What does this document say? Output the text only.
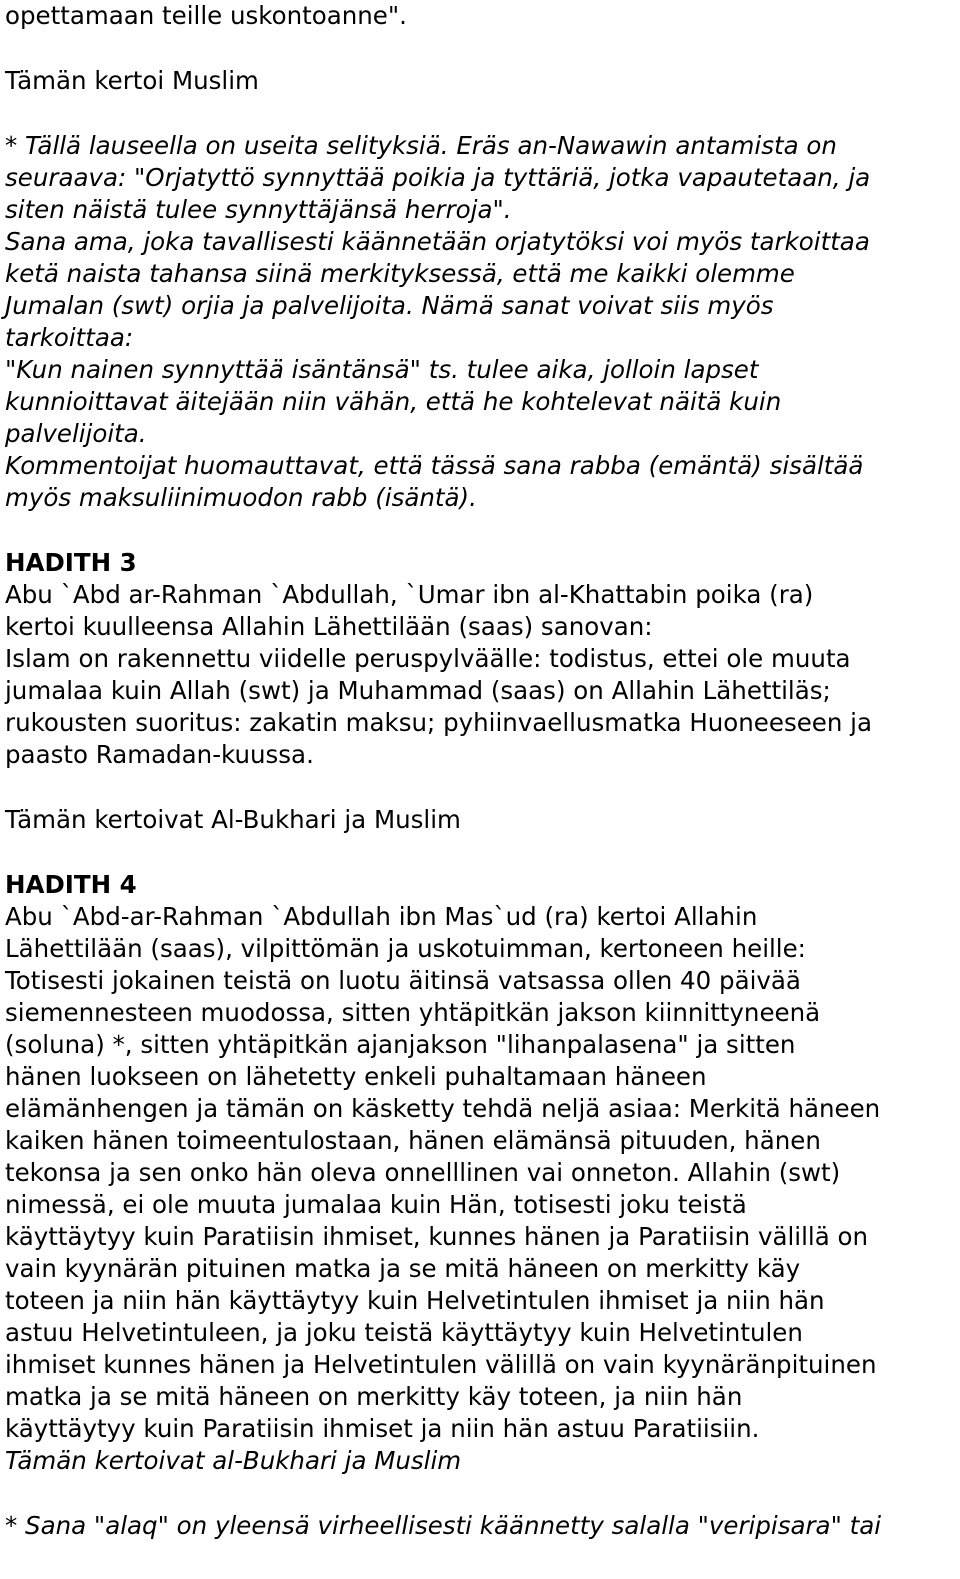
opettamaan teille uskontoanne".
Tämän kertoi Muslim
* Tällä lauseella on useita selityksiä. Eräs an-Nawawin antamista on
seuraava: "Orjatyttö synnyttää poikia ja tyttäriä, jotka vapautetaan, ja
siten näistä tulee synnyttäjänsä herroja".
Sana ama, joka tavallisesti käännetään orjatytöksi voi myös tarkoittaa
ketä naista tahansa siinä merkityksessä, että me kaikki olemme
Jumalan (swt) orjia ja palvelijoita. Nämä sanat voivat siis myös
tarkoittaa:
"Kun nainen synnyttää isäntänsä" ts. tulee aika, jolloin lapset
kunnioittavat äitejään niin vähän, että he kohtelevat näitä kuin
palvelijoita.
Kommentoijat huomauttavat, että tässä sana rabba (emäntä) sisältää
myös maksuliinimuodon rabb (isäntä).
HADITH 3
Abu `Abd ar-Rahman `Abdullah, `Umar ibn al-Khattabin poika (ra)
kertoi kuulleensa Allahin Lähettilään (saas) sanovan:
Islam on rakennettu viidelle peruspylväälle: todistus, ettei ole muuta
jumalaa kuin Allah (swt) ja Muhammad (saas) on Allahin Lähettiläs;
rukousten suoritus: zakatin maksu; pyhiinvaellusmatka Huoneeseen ja
paasto Ramadan-kuussa.
Tämän kertoivat Al-Bukhari ja Muslim
HADITH 4
Abu `Abd-ar-Rahman `Abdullah ibn Mas`ud (ra) kertoi Allahin
Lähettilään (saas), vilpittömän ja uskotuimman, kertoneen heille:
Totisesti jokainen teistä on luotu äitinsä vatsassa ollen 40 päivää
siemennesteen muodossa, sitten yhtäpitkän jakson kiinnittyneenä
(soluna) *, sitten yhtäpitkän ajanjakson "lihanpalasena" ja sitten
hänen luokseen on lähetetty enkeli puhaltamaan häneen
elämänhengen ja tämän on käsketty tehdä neljä asiaa: Merkitä häneen
kaiken hänen toimeentulostaan, hänen elämänsä pituuden, hänen
tekonsa ja sen onko hän oleva onnelllinen vai onneton. Allahin (swt)
nimessä, ei ole muuta jumalaa kuin Hän, totisesti joku teistä
käyttäytyy kuin Paratiisin ihmiset, kunnes hänen ja Paratiisin välillä on
vain kyynärän pituinen matka ja se mitä häneen on merkitty käy
toteen ja niin hän käyttäytyy kuin Helvetintulen ihmiset ja niin hän
astuu Helvetintuleen, ja joku teistä käyttäytyy kuin Helvetintulen
ihmiset kunnes hänen ja Helvetintulen välillä on vain kyynäränpituinen
matka ja se mitä häneen on merkitty käy toteen, ja niin hän
käyttäytyy kuin Paratiisin ihmiset ja niin hän astuu Paratiisiin.
Tämän kertoivat al-Bukhari ja Muslim
* Sana "alaq" on yleensä virheellisesti käännetty salalla "veripisara" tai
